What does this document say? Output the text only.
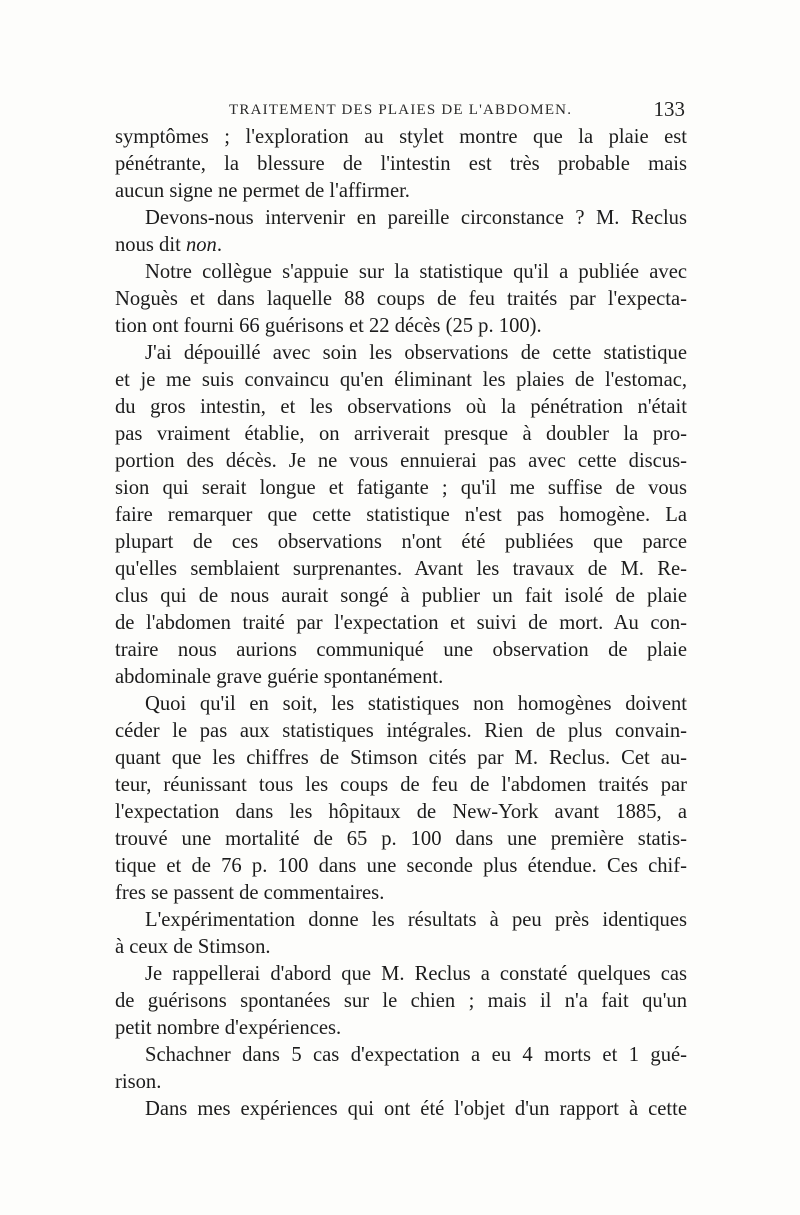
TRAITEMENT DES PLAIES DE L'ABDOMEN.	133
symptômes ; l'exploration au stylet montre que la plaie est
pénétrante, la blessure de l'intestin est très probable mais
aucun signe ne permet de l'affirmer.
Devons-nous intervenir en pareille circonstance ? M. Reclus
nous dit non.
Notre collègue s'appuie sur la statistique qu'il a publiée avec
Noguès et dans laquelle 88 coups de feu traités par l'expecta-
tion ont fourni 66 guérisons et 22 décès (25 p. 100).
J'ai dépouillé avec soin les observations de cette statistique
et je me suis convaincu qu'en éliminant les plaies de l'estomac,
du gros intestin, et les observations où la pénétration n'était
pas vraiment établie, on arriverait presque à doubler la pro-
portion des décès. Je ne vous ennuierai pas avec cette discus-
sion qui serait longue et fatigante ; qu'il me suffise de vous
faire remarquer que cette statistique n'est pas homogène. La
plupart de ces observations n'ont été publiées que parce
qu'elles semblaient surprenantes. Avant les travaux de M. Re-
clus qui de nous aurait songé à publier un fait isolé de plaie
de l'abdomen traité par l'expectation et suivi de mort. Au con-
traire nous aurions communiqué une observation de plaie
abdominale grave guérie spontanément.
Quoi qu'il en soit, les statistiques non homogènes doivent
céder le pas aux statistiques intégrales. Rien de plus convain-
quant que les chiffres de Stimson cités par M. Reclus. Cet au-
teur, réunissant tous les coups de feu de l'abdomen traités par
l'expectation dans les hôpitaux de New-York avant 1885, a
trouvé une mortalité de 65 p. 100 dans une première statis-
tique et de 76 p. 100 dans une seconde plus étendue. Ces chif-
fres se passent de commentaires.
L'expérimentation donne les résultats à peu près identiques
à ceux de Stimson.
Je rappellerai d'abord que M. Reclus a constaté quelques cas
de guérisons spontanées sur le chien ; mais il n'a fait qu'un
petit nombre d'expériences.
Schachner dans 5 cas d'expectation a eu 4 morts et 1 gué-
rison.
Dans mes expériences qui ont été l'objet d'un rapport à cette
